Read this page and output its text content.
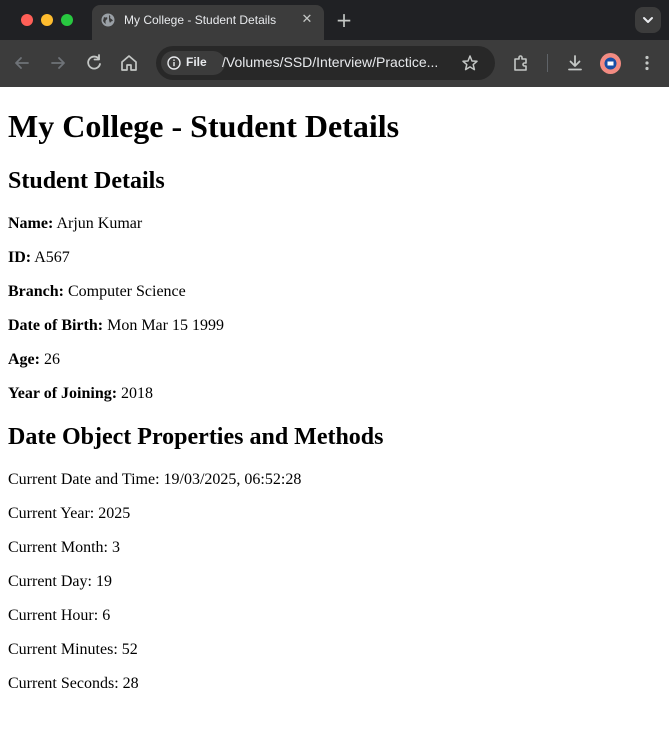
My College - Student Details ✕ +
File /Volumes/SSD/Interview/Practice...
My College - Student Details
Student Details
Name: Arjun Kumar
ID: A567
Branch: Computer Science
Date of Birth: Mon Mar 15 1999
Age: 26
Year of Joining: 2018
Date Object Properties and Methods
Current Date and Time: 19/03/2025, 06:52:28
Current Year: 2025
Current Month: 3
Current Day: 19
Current Hour: 6
Current Minutes: 52
Current Seconds: 28
